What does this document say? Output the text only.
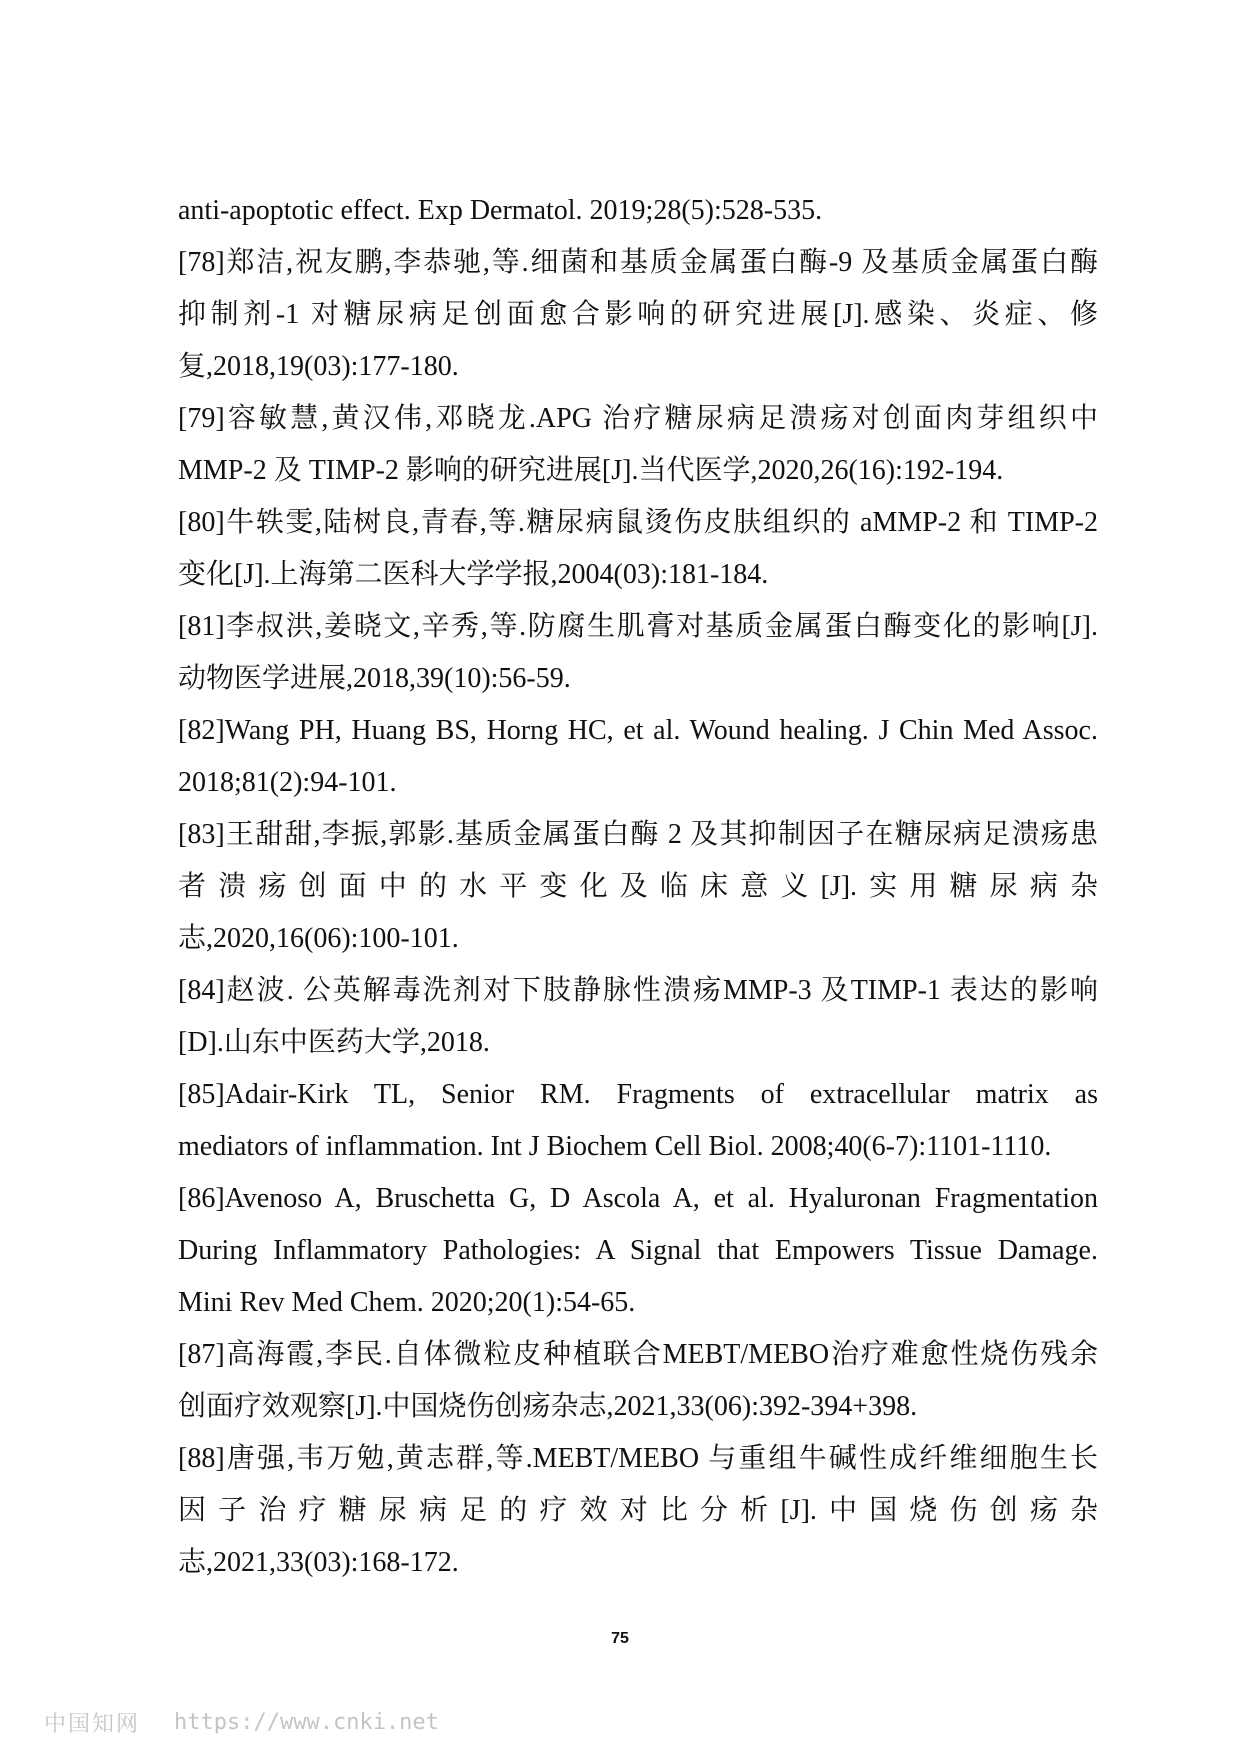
anti-apoptotic effect. Exp Dermatol. 2019;28(5):528-535.
[78]郑洁,祝友鹏,李恭驰,等.细菌和基质金属蛋白酶-9 及基质金属蛋白酶
抑制剂-1 对糖尿病足创面愈合影响的研究进展[J].感染、炎症、修
复,2018,19(03):177-180.
[79]容敏慧,黄汉伟,邓晓龙.APG 治疗糖尿病足溃疡对创面肉芽组织中
MMP-2 及 TIMP-2 影响的研究进展[J].当代医学,2020,26(16):192-194.
[80]牛轶雯,陆树良,青春,等.糖尿病鼠烫伤皮肤组织的 aMMP-2 和 TIMP-2
变化[J].上海第二医科大学学报,2004(03):181-184.
[81]李叔洪,姜晓文,辛秀,等.防腐生肌膏对基质金属蛋白酶变化的影响[J].
动物医学进展,2018,39(10):56-59.
[82]Wang PH, Huang BS, Horng HC, et al. Wound healing. J Chin Med Assoc.
2018;81(2):94-101.
[83]王甜甜,李振,郭影.基质金属蛋白酶 2 及其抑制因子在糖尿病足溃疡患
者溃疡创面中的水平变化及临床意义[J].实用糖尿病杂
志,2020,16(06):100-101.
[84]赵波. 公英解毒洗剂对下肢静脉性溃疡MMP-3 及TIMP-1 表达的影响
[D].山东中医药大学,2018.
[85]Adair-Kirk TL, Senior RM. Fragments of extracellular matrix as
mediators of inflammation. Int J Biochem Cell Biol. 2008;40(6-7):1101-1110.
[86]Avenoso A, Bruschetta G, D Ascola A, et al. Hyaluronan Fragmentation
During Inflammatory Pathologies: A Signal that Empowers Tissue Damage.
Mini Rev Med Chem. 2020;20(1):54-65.
[87]高海霞,李民.自体微粒皮种植联合MEBT/MEBO治疗难愈性烧伤残余
创面疗效观察[J].中国烧伤创疡杂志,2021,33(06):392-394+398.
[88]唐强,韦万勉,黄志群,等.MEBT/MEBO 与重组牛碱性成纤维细胞生长
因子治疗糖尿病足的疗效对比分析[J].中国烧伤创疡杂
志,2021,33(03):168-172.
75
中国知网 https://www.cnki.net
